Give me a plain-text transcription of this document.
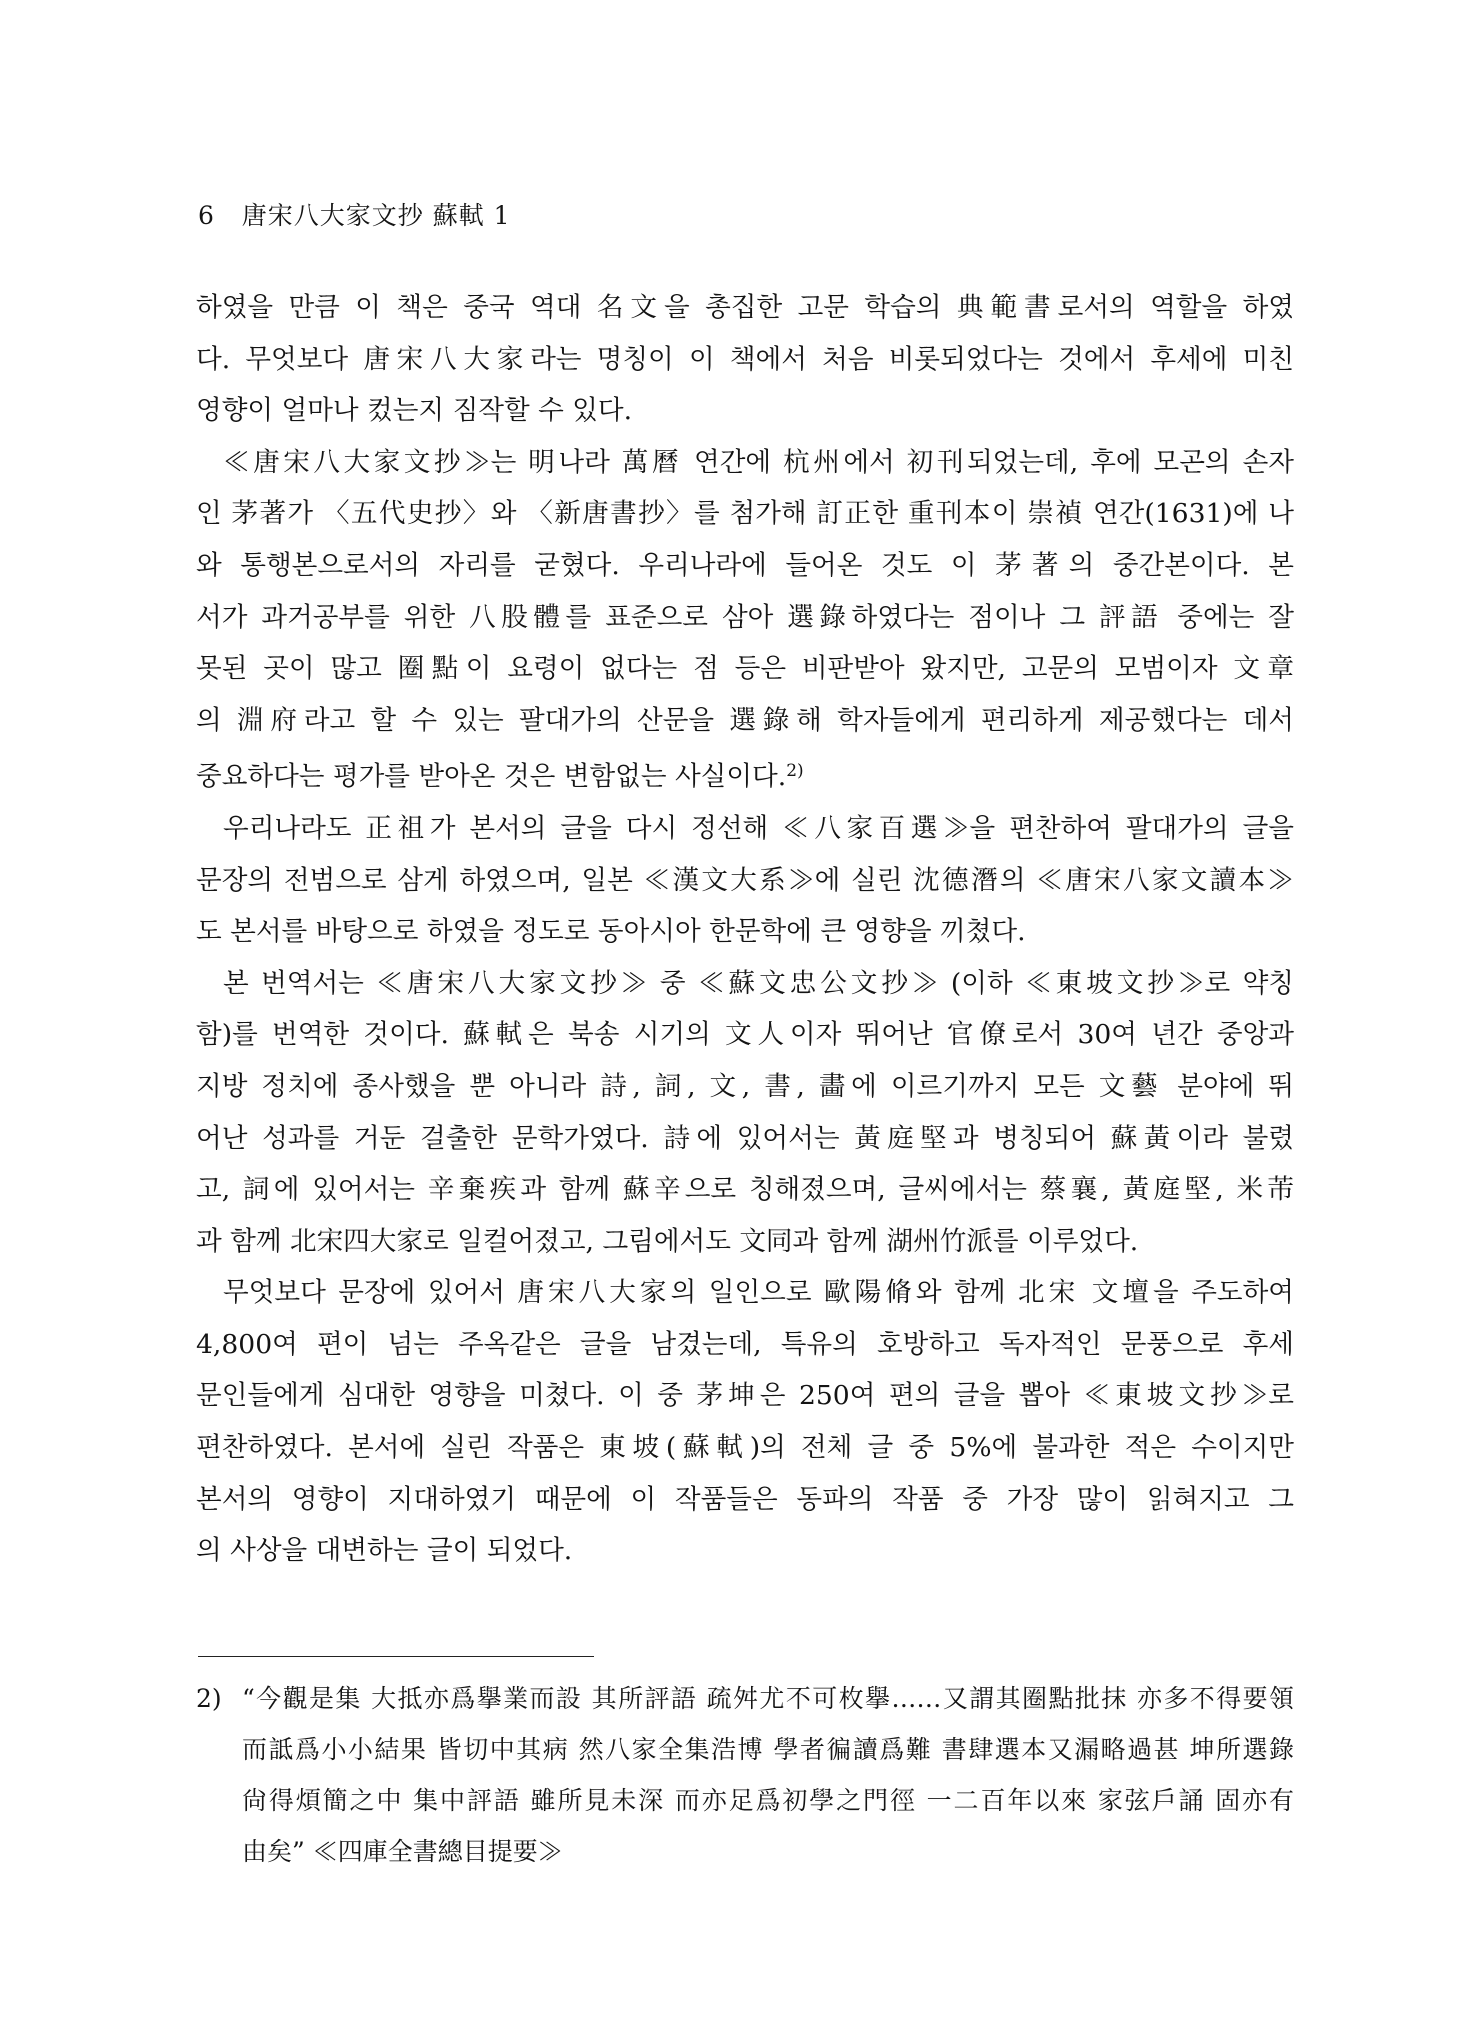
6 唐宋八大家文抄 蘇軾 1
하였을 만큼 이 책은 중국 역대 名文을 총집한 고문 학습의 典範書로서의 역할을 하였
다. 무엇보다 唐宋八大家라는 명칭이 이 책에서 처음 비롯되었다는 것에서 후세에 미친
영향이 얼마나 컸는지 짐작할 수 있다.
≪唐宋八大家文抄≫는 明나라 萬曆 연간에 杭州에서 初刊되었는데, 후에 모곤의 손자
인 茅著가 〈五代史抄〉와 〈新唐書抄〉를 첨가해 訂正한 重刊本이 崇禎 연간(1631)에 나
와 통행본으로서의 자리를 굳혔다. 우리나라에 들어온 것도 이 茅著의 중간본이다. 본
서가 과거공부를 위한 八股體를 표준으로 삼아 選錄하였다는 점이나 그 評語 중에는 잘
못된 곳이 많고 圈點이 요령이 없다는 점 등은 비판받아 왔지만, 고문의 모범이자 文章
의 淵府라고 할 수 있는 팔대가의 산문을 選錄해 학자들에게 편리하게 제공했다는 데서
중요하다는 평가를 받아온 것은 변함없는 사실이다.$^{2)}$
우리나라도 正祖가 본서의 글을 다시 정선해 ≪八家百選≫을 편찬하여 팔대가의 글을
문장의 전범으로 삼게 하였으며, 일본 ≪漢文大系≫에 실린 沈德潛의 ≪唐宋八家文讀本≫
도 본서를 바탕으로 하였을 정도로 동아시아 한문학에 큰 영향을 끼쳤다.
본 번역서는 ≪唐宋八大家文抄≫ 중 ≪蘇文忠公文抄≫ (이하 ≪東坡文抄≫로 약칭
함)를 번역한 것이다. 蘇軾은 북송 시기의 文人이자 뛰어난 官僚로서 30여 년간 중앙과
지방 정치에 종사했을 뿐 아니라 詩, 詞, 文, 書, 畵에 이르기까지 모든 文藝 분야에 뛰
어난 성과를 거둔 걸출한 문학가였다. 詩에 있어서는 黃庭堅과 병칭되어 蘇黃이라 불렸
고, 詞에 있어서는 辛棄疾과 함께 蘇辛으로 칭해졌으며, 글씨에서는 蔡襄, 黃庭堅, 米芾
과 함께 北宋四大家로 일컬어졌고, 그림에서도 文同과 함께 湖州竹派를 이루었다.
무엇보다 문장에 있어서 唐宋八大家의 일인으로 歐陽脩와 함께 北宋 文壇을 주도하여
4,800여 편이 넘는 주옥같은 글을 남겼는데, 특유의 호방하고 독자적인 문풍으로 후세
문인들에게 심대한 영향을 미쳤다. 이 중 茅坤은 250여 편의 글을 뽑아 ≪東坡文抄≫로
편찬하였다. 본서에 실린 작품은 東坡(蘇軾)의 전체 글 중 5%에 불과한 적은 수이지만
본서의 영향이 지대하였기 때문에 이 작품들은 동파의 작품 중 가장 많이 읽혀지고 그
의 사상을 대변하는 글이 되었다.
2) “今觀是集 大抵亦爲擧業而設 其所評語 疏舛尤不可枚擧……又謂其圈點批抹 亦多不得要領
而詆爲小小結果 皆切中其病 然八家全集浩博 學者徧讀爲難 書肆選本又漏略過甚 坤所選錄
尙得煩簡之中 集中評語 雖所見未深 而亦足爲初學之門徑 一二百年以來 家弦戶誦 固亦有
由矣” ≪四庫全書總目提要≫
